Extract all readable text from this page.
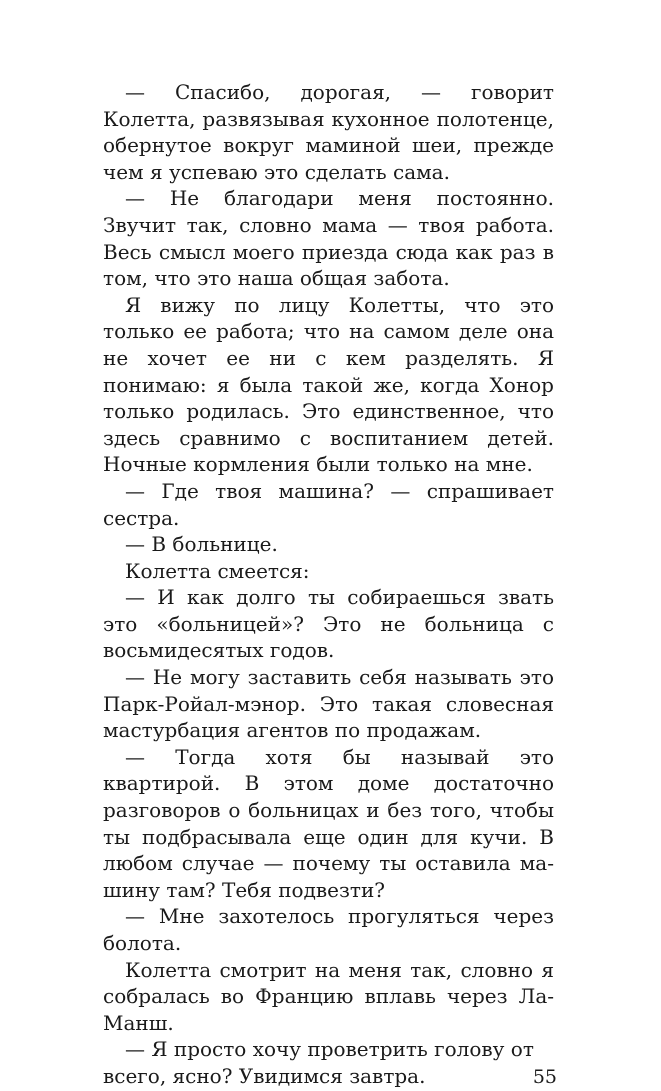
— Спасибо, дорогая, — говорит Колетта, развязывая кухонное полотенце, обернутое вокруг маминой шеи, прежде чем я успеваю это сделать сама.

— Не благодари меня постоянно. Звучит так, словно мама — твоя работа. Весь смысл моего приезда сюда как раз в том, что это наша общая забота.

Я вижу по лицу Колетты, что это только ее работа; что на самом деле она не хочет ее ни с кем разделять. Я понимаю: я была такой же, когда Хонор только родилась. Это единственное, что здесь сравнимо с воспитанием детей. Ночные кормления были только на мне.

— Где твоя машина? — спрашивает сестра.

— В больнице.

Колетта смеется:

— И как долго ты собираешься звать это «больницей»? Это не больница с восьмидесятых годов.

— Не могу заставить себя называть это Парк-Ройал-мэнор. Это такая словесная мастурбация агентов по продажам.

— Тогда хотя бы называй это квартирой. В этом доме достаточно разговоров о больницах и без того, чтобы ты подбрасывала еще один для кучи. В любом случае — почему ты оставила машину там? Тебя подвезти?

— Мне захотелось прогуляться через болота.

Колетта смотрит на меня так, словно я собралась во Францию вплавь через Ла-Манш.

— Я просто хочу проветрить голову от

всего, ясно? Увидимся завтра.	55
